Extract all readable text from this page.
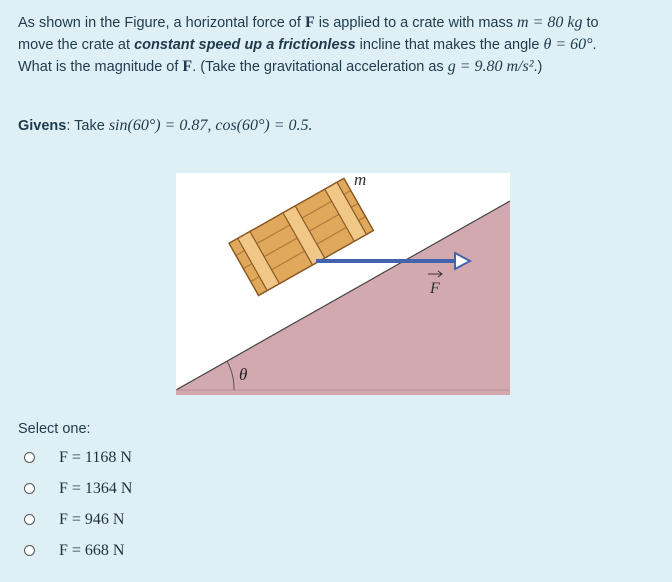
As shown in the Figure, a horizontal force of F is applied to a crate with mass m = 80 kg to

move the crate at constant speed up a frictionless incline that makes the angle θ = 60°.

What is the magnitude of F. (Take the gravitational acceleration as g = 9.80 m/s².)

Givens: Take sin(60°) = 0.87, cos(60°) = 0.5.
m
F
θ
Select one:
F = 1168 N
F = 1364 N
F = 946 N
F = 668 N
